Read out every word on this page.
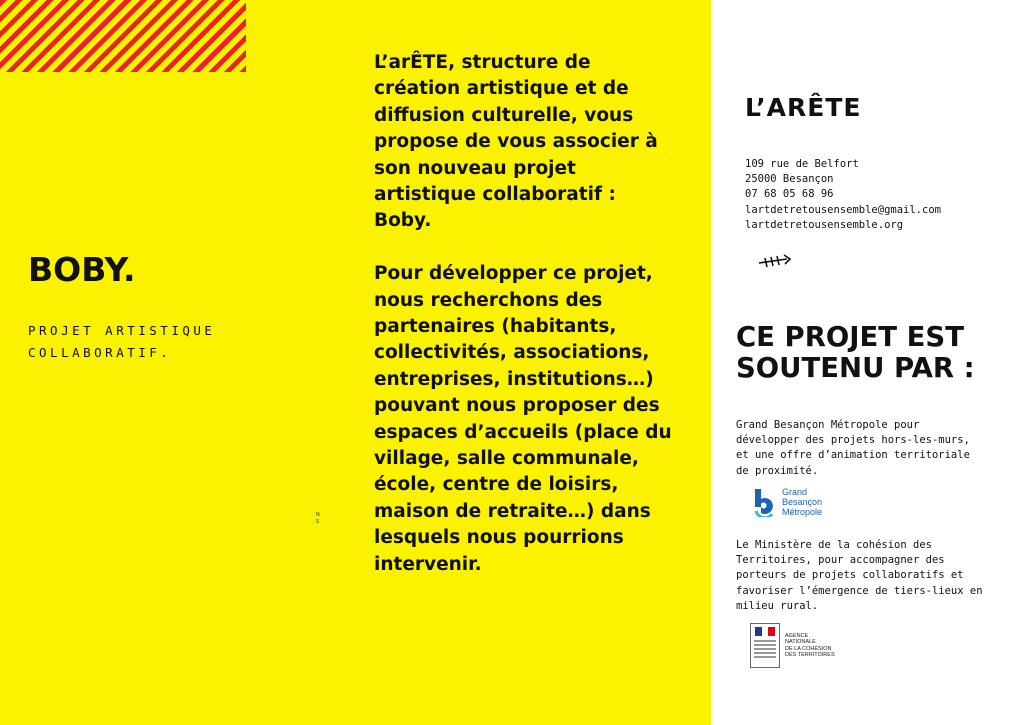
BOBY.
PROJET ARTISTIQUE COLLABORATIF.
N S

L’arÊTE, structure de création artistique et de diffusion culturelle, vous propose de vous associer à son nouveau projet artistique collaboratif : Boby.

Pour développer ce projet, nous recherchons des partenaires (habitants, collectivités, associations, entreprises, institutions…) pouvant nous proposer des espaces d’accueils (place du village, salle communale, école, centre de loisirs, maison de retraite…) dans lesquels nous pourrions intervenir.

L’ARÊTE
109 rue de Belfort
25000 Besançon
07 68 05 68 96
lartdetretousensemble@gmail.com
lartdetretousensemble.org
CE PROJET EST SOUTENU PAR :
Grand Besançon Métropole pour développer des projets hors-les-murs, et une offre d’animation territoriale de proximité.
Grand
Besançon
Métropole
Le Ministère de la cohésion des Territoires, pour accompagner des porteurs de projets collaboratifs et favoriser l’émergence de tiers-lieux en milieu rural.
AGENCE
NATIONALE
DE LA COHÉSION
DES TERRITOIRES
